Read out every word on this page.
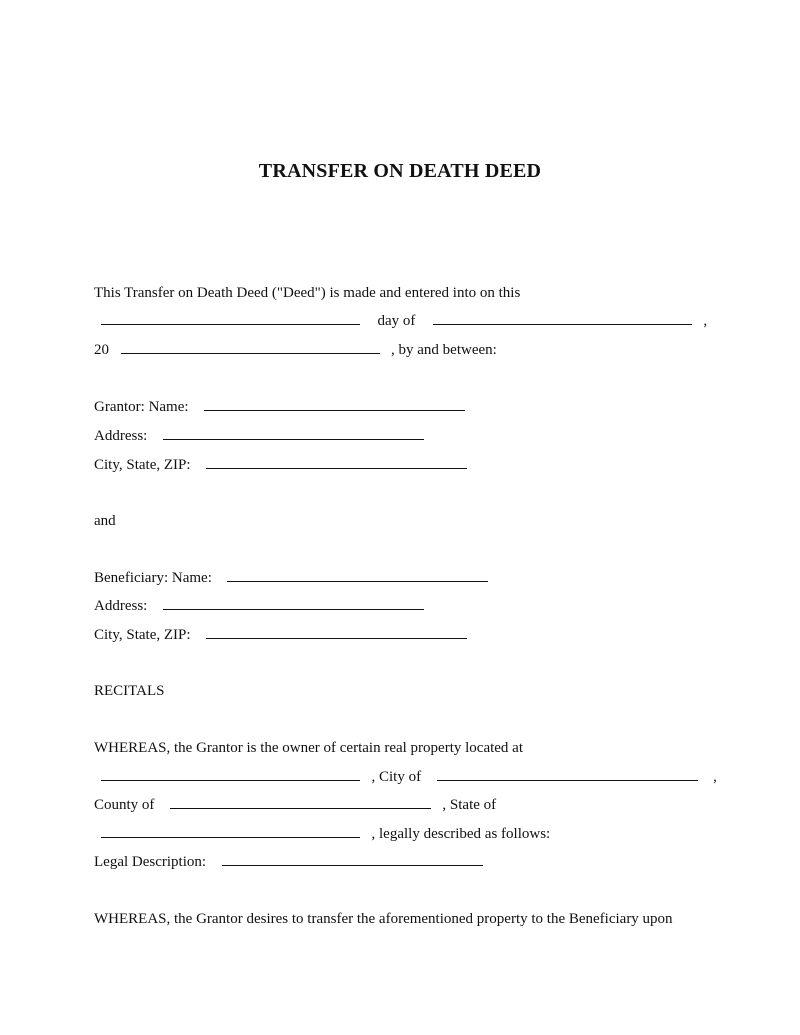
TRANSFER ON DEATH DEED
This Transfer on Death Deed ("Deed") is made and entered into on this
day of	,
20	, by and between:
Grantor: Name:
Address:
City, State, ZIP:
and
Beneficiary: Name:
Address:
City, State, ZIP:
RECITALS
WHEREAS, the Grantor is the owner of certain real property located at
, City of	,
County of	, State of
, legally described as follows:
Legal Description:
WHEREAS, the Grantor desires to transfer the aforementioned property to the Beneficiary upon
